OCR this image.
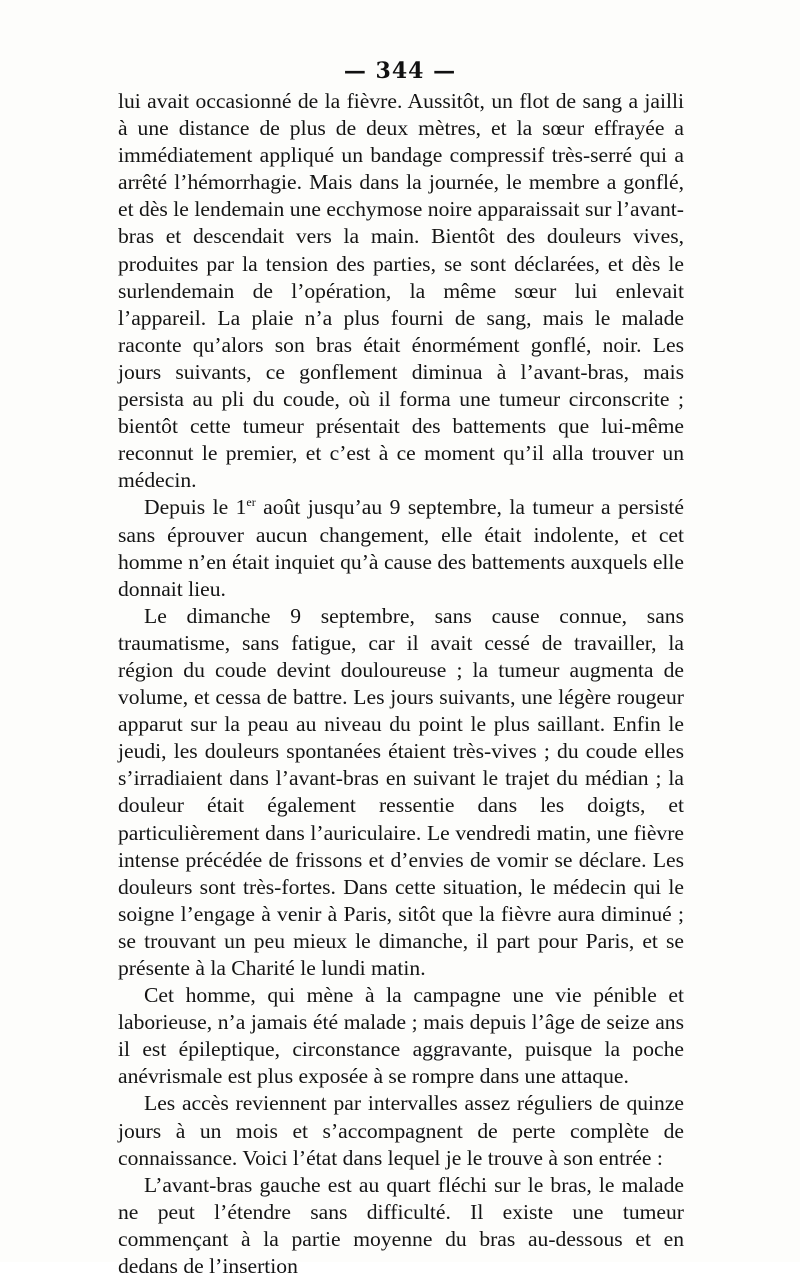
— 344 —

lui avait occasionné de la fièvre. Aussitôt, un flot de sang a jailli à une distance de plus de deux mètres, et la sœur effrayée a immédiatement appliqué un bandage compressif très-serré qui a arrêté l’hémorrhagie. Mais dans la journée, le membre a gonflé, et dès le lendemain une ecchymose noire apparaissait sur l’avant-bras et descendait vers la main. Bientôt des douleurs vives, produites par la tension des parties, se sont déclarées, et dès le surlendemain de l’opération, la même sœur lui enlevait l’appareil. La plaie n’a plus fourni de sang, mais le malade raconte qu’alors son bras était énormément gonflé, noir. Les jours suivants, ce gonflement diminua à l’avant-bras, mais persista au pli du coude, où il forma une tumeur circonscrite ; bientôt cette tumeur présentait des battements que lui-même reconnut le premier, et c’est à ce moment qu’il alla trouver un médecin.

Depuis le 1er août jusqu’au 9 septembre, la tumeur a persisté sans éprouver aucun changement, elle était indolente, et cet homme n’en était inquiet qu’à cause des battements auxquels elle donnait lieu.

Le dimanche 9 septembre, sans cause connue, sans traumatisme, sans fatigue, car il avait cessé de travailler, la région du coude devint douloureuse ; la tumeur augmenta de volume, et cessa de battre. Les jours suivants, une légère rougeur apparut sur la peau au niveau du point le plus saillant. Enfin le jeudi, les douleurs spontanées étaient très-vives ; du coude elles s’irradiaient dans l’avant-bras en suivant le trajet du médian ; la douleur était également ressentie dans les doigts, et particulièrement dans l’auriculaire. Le vendredi matin, une fièvre intense précédée de frissons et d’envies de vomir se déclare. Les douleurs sont très-fortes. Dans cette situation, le médecin qui le soigne l’engage à venir à Paris, sitôt que la fièvre aura diminué ; se trouvant un peu mieux le dimanche, il part pour Paris, et se présente à la Charité le lundi matin.

Cet homme, qui mène à la campagne une vie pénible et laborieuse, n’a jamais été malade ; mais depuis l’âge de seize ans il est épileptique, circonstance aggravante, puisque la poche anévrismale est plus exposée à se rompre dans une attaque.

Les accès reviennent par intervalles assez réguliers de quinze jours à un mois et s’accompagnent de perte complète de connaissance. Voici l’état dans lequel je le trouve à son entrée :

L’avant-bras gauche est au quart fléchi sur le bras, le malade ne peut l’étendre sans difficulté. Il existe une tumeur commençant à la partie moyenne du bras au-dessous et en dedans de l’insertion
